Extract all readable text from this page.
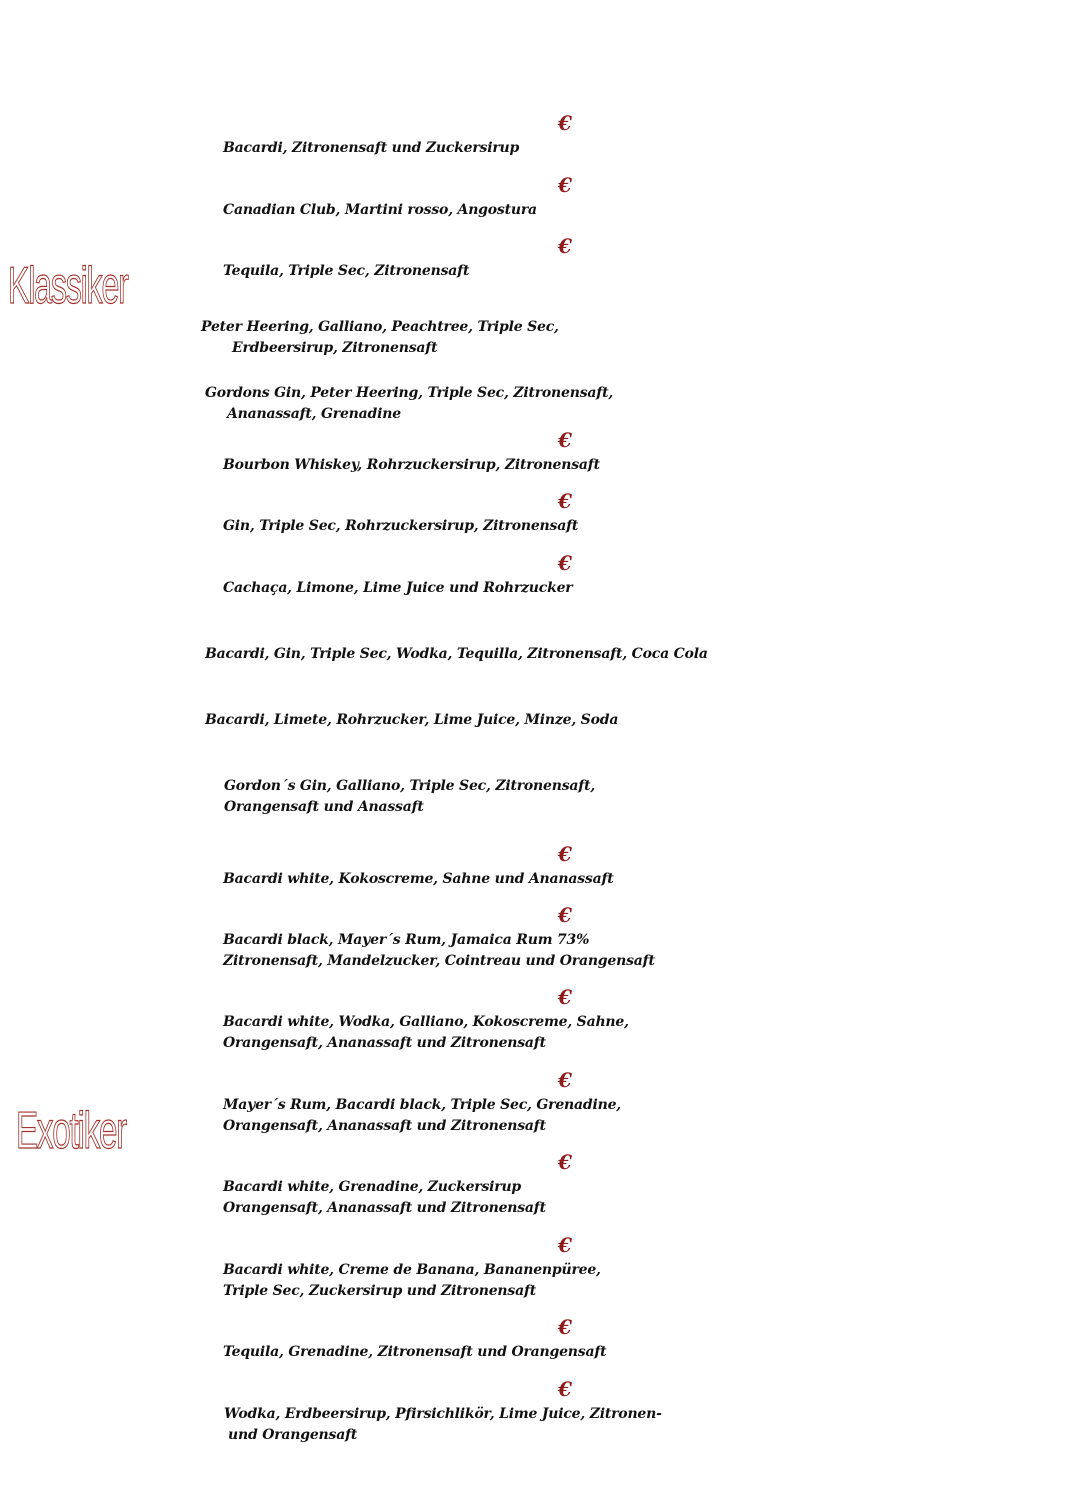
Klassiker
Exotiker
€
Bacardi, Zitronensaft und Zuckersirup
€
Canadian Club, Martini rosso, Angostura
€
Tequila, Triple Sec, Zitronensaft
Peter Heering, Galliano, Peachtree, Triple Sec,
Erdbeersirup, Zitronensaft
Gordons Gin, Peter Heering, Triple Sec, Zitronensaft,
Ananassaft, Grenadine
€
Bourbon Whiskey, Rohrzuckersirup, Zitronensaft
€
Gin, Triple Sec, Rohrzuckersirup, Zitronensaft
€
Cachaça, Limone, Lime Juice und Rohrzucker
Bacardi, Gin, Triple Sec, Wodka, Tequilla, Zitronensaft, Coca Cola
Bacardi, Limete, Rohrzucker, Lime Juice, Minze, Soda
Gordon´s Gin, Galliano, Triple Sec, Zitronensaft,
Orangensaft und Anassaft
€
Bacardi white, Kokoscreme, Sahne und Ananassaft
€
Bacardi black, Mayer´s Rum, Jamaica Rum 73%
Zitronensaft, Mandelzucker, Cointreau und Orangensaft
€
Bacardi white, Wodka, Galliano, Kokoscreme, Sahne,
Orangensaft, Ananassaft und Zitronensaft
€
Mayer´s Rum, Bacardi black, Triple Sec, Grenadine,
Orangensaft, Ananassaft und Zitronensaft
€
Bacardi white, Grenadine, Zuckersirup
Orangensaft, Ananassaft und Zitronensaft
€
Bacardi white, Creme de Banana, Bananenpüree,
Triple Sec, Zuckersirup und Zitronensaft
€
Tequila, Grenadine, Zitronensaft und Orangensaft
€
Wodka, Erdbeersirup, Pfirsichlikör, Lime Juice, Zitronen-
und Orangensaft
